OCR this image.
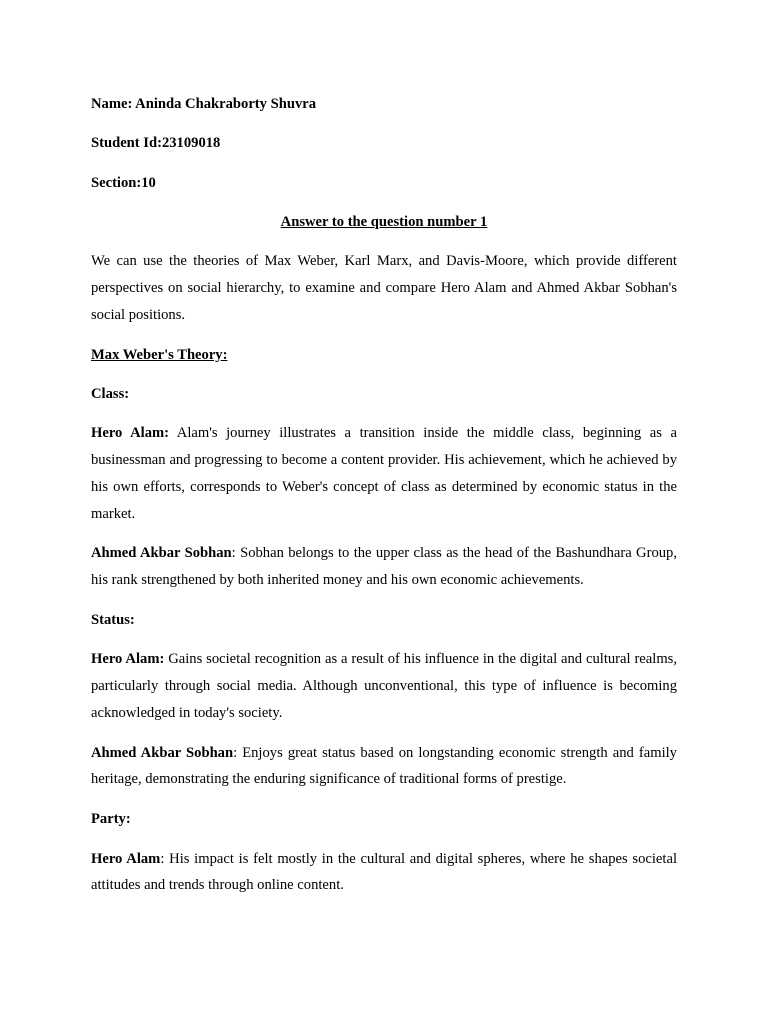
Name: Aninda Chakraborty Shuvra

Student Id:23109018

Section:10

Answer to the question number 1

We can use the theories of Max Weber, Karl Marx, and Davis-Moore, which provide different perspectives on social hierarchy, to examine and compare Hero Alam and Ahmed Akbar Sobhan's social positions.

Max Weber's Theory:

Class:

Hero Alam: Alam's journey illustrates a transition inside the middle class, beginning as a businessman and progressing to become a content provider. His achievement, which he achieved by his own efforts, corresponds to Weber's concept of class as determined by economic status in the market.

Ahmed Akbar Sobhan: Sobhan belongs to the upper class as the head of the Bashundhara Group, his rank strengthened by both inherited money and his own economic achievements.

Status:

Hero Alam: Gains societal recognition as a result of his influence in the digital and cultural realms, particularly through social media. Although unconventional, this type of influence is becoming acknowledged in today's society.

Ahmed Akbar Sobhan: Enjoys great status based on longstanding economic strength and family heritage, demonstrating the enduring significance of traditional forms of prestige.

Party:

Hero Alam: His impact is felt mostly in the cultural and digital spheres, where he shapes societal attitudes and trends through online content.
